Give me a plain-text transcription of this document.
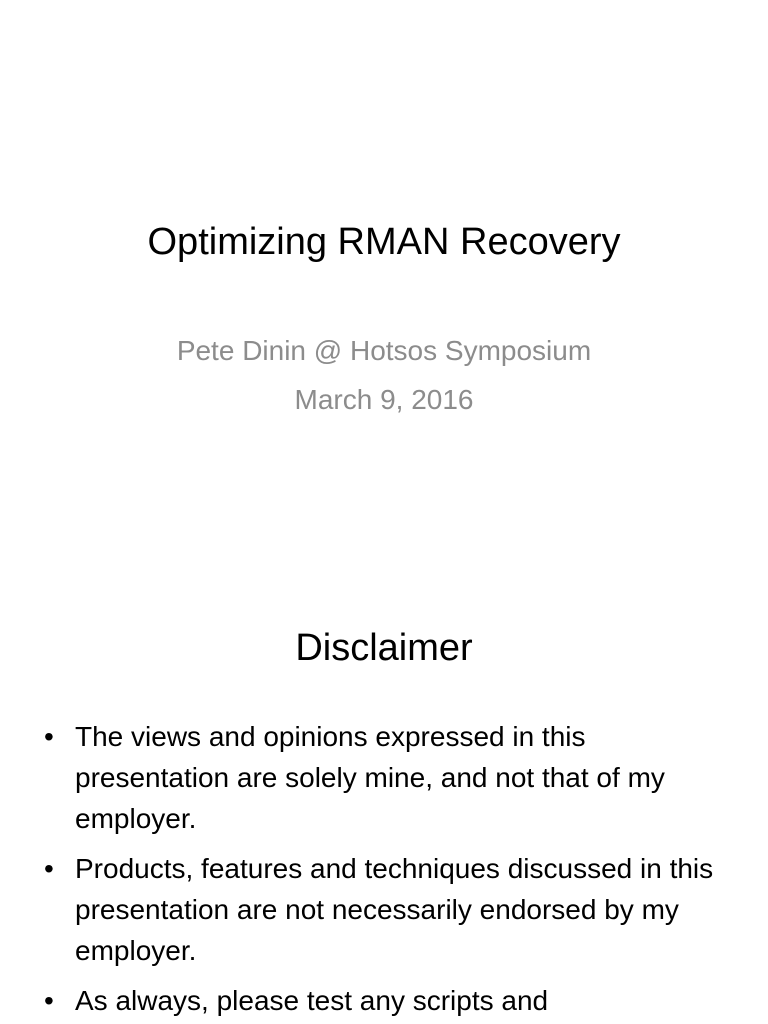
Optimizing RMAN Recovery
Pete Dinin @ Hotsos Symposium
March 9, 2016
Disclaimer
• The views and opinions expressed in this presentation are solely mine, and not that of my employer.
• Products, features and techniques discussed in this presentation are not necessarily endorsed by my employer.
• As always, please test any scripts and
